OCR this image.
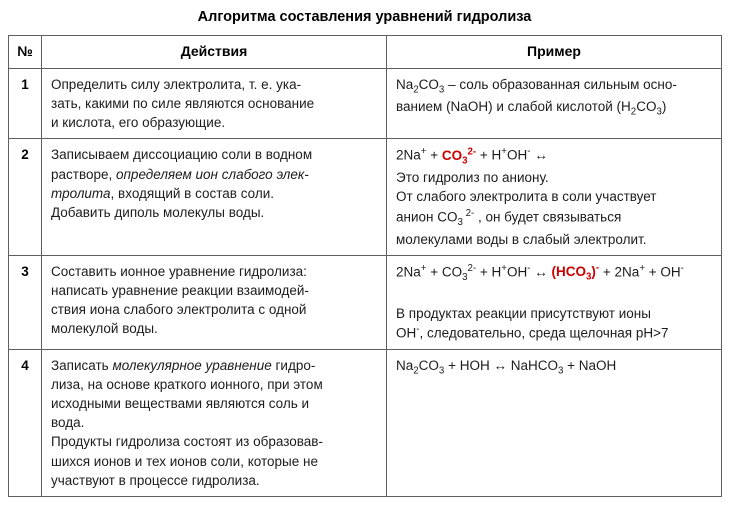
Алгоритма составления уравнений гидролиза
№	Действия	Пример
1	Определить силу электролита, т. е. ука-
зать, какими по силе являются основание
и кислота, его образующие.	$Na_2CO_3$ – соль образованная сильным осно-
ванием (NaOH) и слабой кислотой $(H_2CO_3)$
2	Записываем диссоциацию соли в водном
растворе, определяем ион слабого элек-
тролита, входящий в состав соли.
Добавить диполь молекулы воды.	$2Na^+ + CO_3^{2-} + H^+OH^-$ ↔
Это гидролиз по аниону.
От слабого электролита в соли участвует
анион $CO_3$ $^{2-}$ , он будет связываться
молекулами воды в слабый электролит.
3	Составить ионное уравнение гидролиза:
написать уравнение реакции взаимодей-
ствия иона слабого электролита с одной
молекулой воды.	$2Na^+ + CO_3^{2-} + H^+OH^-$ ↔ $(HCO_3)^- + 2Na^+ + OH^-$

В продуктах реакции присутствуют ионы
OH-, следовательно, среда щелочная pH>7
4	Записать молекулярное уравнение гидро-
лиза, на основе краткого ионного, при этом
исходными веществами являются соль и
вода.
Продукты гидролиза состоят из образовав-
шихся ионов и тех ионов соли, которые не
участвуют в процессе гидролиза.	$Na_2CO_3$ + HOH ↔ NaHCO$_3$ + NaOH
